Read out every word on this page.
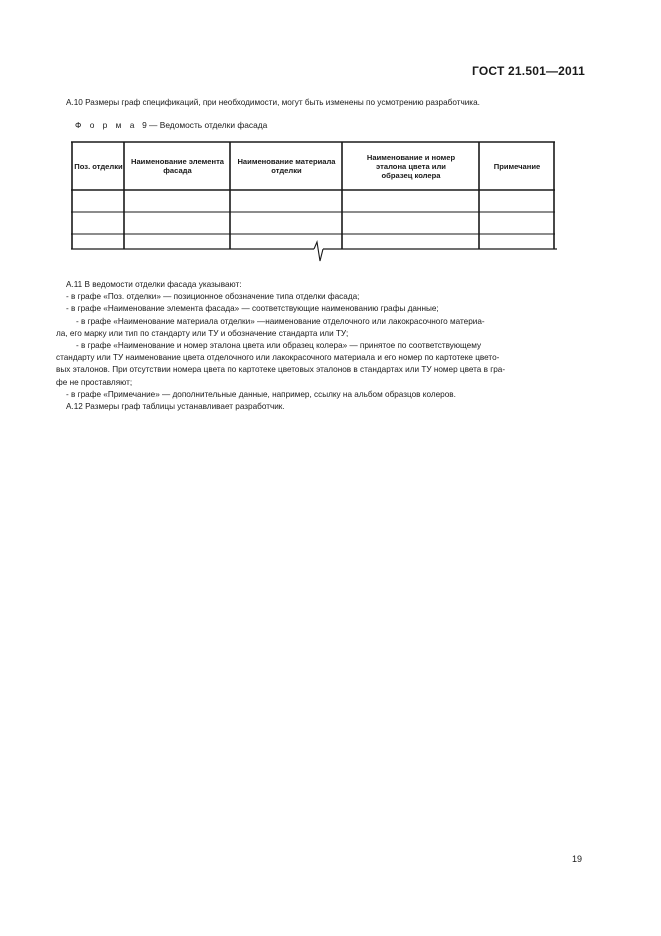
ГОСТ 21.501—2011

А.10 Размеры граф спецификаций, при необходимости, могут быть изменены по усмотрению разработчика.

Ф о р м а 9 — Ведомость отделки фасада
Поз. отделки	Наименование элемента фасада
Наименование материала отделки
Наименование и номер эталона цвета или образец колера
Примечание
А.11 В ведомости отделки фасада указывают:
- в графе «Поз. отделки» — позиционное обозначение типа отделки фасада;
- в графе «Наименование элемента фасада» — соответствующие наименованию графы данные;
- в графе «Наименование материала отделки» —наименование отделочного или лакокрасочного материа-
ла, его марку или тип по стандарту или ТУ и обозначение стандарта или ТУ;
- в графе «Наименование и номер эталона цвета или образец колера» — принятое по соответствующему
стандарту или ТУ наименование цвета отделочного или лакокрасочного материала и его номер по картотеке цвето-
вых эталонов. При отсутствии номера цвета по картотеке цветовых эталонов в стандартах или ТУ номер цвета в гра-
фе не проставляют;
- в графе «Примечание» — дополнительные данные, например, ссылку на альбом образцов колеров.
А.12 Размеры граф таблицы устанавливает разработчик.
19
